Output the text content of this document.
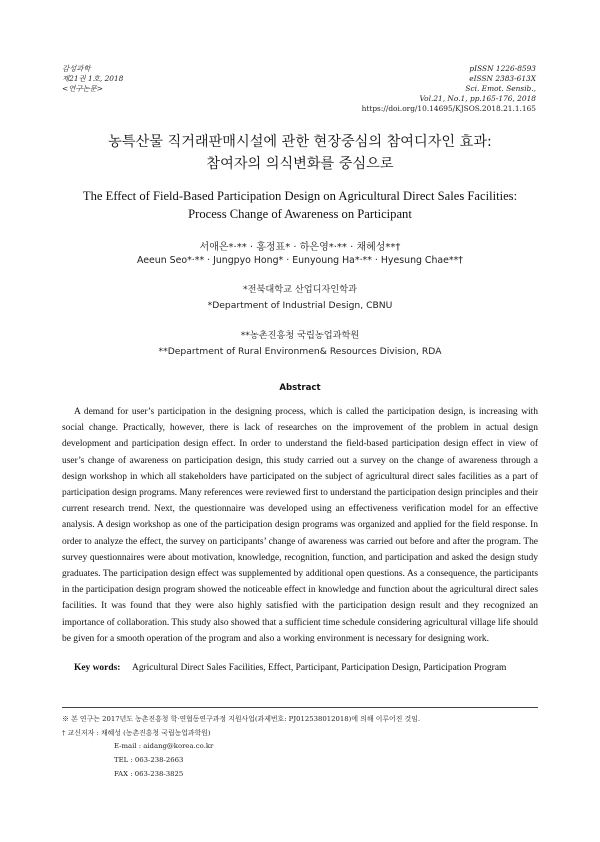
감성과학
제21권 1호, 2018
<연구논문>
pISSN 1226-8593
eISSN 2383-613X
Sci. Emot. Sensib.,
Vol.21, No.1, pp.165-176, 2018
https://doi.org/10.14695/KJSOS.2018.21.1.165
농특산물 직거래판매시설에 관한 현장중심의 참여디자인 효과:
참여자의 의식변화를 중심으로
The Effect of Field-Based Participation Design on Agricultural Direct Sales Facilities:
Process Change of Awareness on Participant
서애은*·** · 홍정표* · 하은영*·** · 채혜성**†
Aeeun Seo*·** · Jungpyo Hong* · Eunyoung Ha*·** · Hyesung Chae**†
*전북대학교 산업디자인학과
*Department of Industrial Design, CBNU
**농촌진흥청 국립농업과학원
**Department of Rural Environmen& Resources Division, RDA
Abstract
A demand for user’s participation in the designing process, which is called the participation design, is increasing with social change. Practically, however, there is lack of researches on the improvement of the problem in actual design development and participation design effect. In order to understand the field-based participation design effect in view of user’s change of awareness on participation design, this study carried out a survey on the change of awareness through a design workshop in which all stakeholders have participated on the subject of agricultural direct sales facilities as a part of participation design programs. Many references were reviewed first to understand the participation design principles and their current research trend. Next, the questionnaire was developed using an effectiveness verification model for an effective analysis. A design workshop as one of the participation design programs was organized and applied for the field response. In order to analyze the effect, the survey on participants’ change of awareness was carried out before and after the program. The survey questionnaires were about motivation, knowledge, recognition, function, and participation and asked the design study graduates. The participation design effect was supplemented by additional open questions. As a consequence, the participants in the participation design program showed the noticeable effect in knowledge and function about the agricultural direct sales facilities. It was found that they were also highly satisfied with the participation design result and they recognized an importance of collaboration. This study also showed that a sufficient time schedule considering agricultural village life should be given for a smooth operation of the program and also a working environment is necessary for designing work.
Key words: Agricultural Direct Sales Facilities, Effect, Participant, Participation Design, Participation Program
※ 본 연구는 2017년도 농촌진흥청 학·연협동연구과정 지원사업(과제번호: PJ012538012018)에 의해 이루어진 것임.
† 교신저자 : 채혜성 (농촌진흥청 국립농업과학원)
E-mail : aidang@korea.co.kr
TEL : 063-238-2663
FAX : 063-238-3825
